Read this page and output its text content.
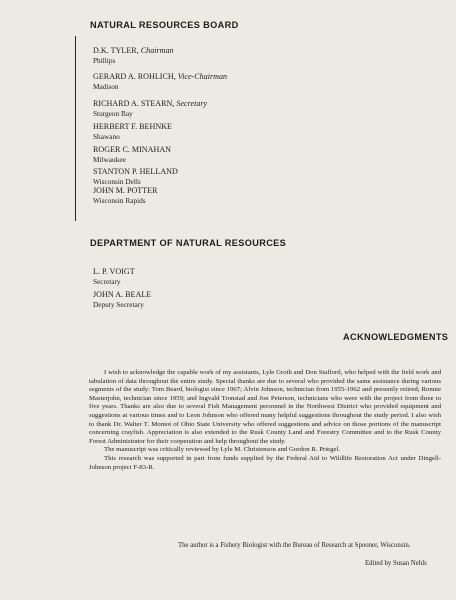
NATURAL RESOURCES BOARD
D.K. TYLER, Chairman
Phillips
GERARD A. ROHLICH, Vice-Chairman
Madison
RICHARD A. STEARN, Secretary
Sturgeon Bay
HERBERT F. BEHNKE
Shawano
ROGER C. MINAHAN
Milwaukee
STANTON P. HELLAND
Wisconsin Dells
JOHN M. POTTER
Wisconsin Rapids
DEPARTMENT OF NATURAL RESOURCES
L. P. VOIGT
Secretary
JOHN A. BEALE
Deputy Secretary
ACKNOWLEDGMENTS

I wish to acknowledge the capable work of my assistants, Lyle Groth and Don Stafford, who helped with the field work and tabulation of data throughout the entire study. Special thanks are due to several who provided the same assistance during various segments of the study: Tom Beard, biologist since 1967; Alvin Johnson, technician from 1955-1962 and presently retired; Ronnie Masterjohn, technician since 1959; and Ingvald Tronstad and Jon Peterson, technicians who were with the project from three to five years. Thanks are also due to several Fish Management personnel in the Northwest District who provided equipment and suggestions at various times and to Leon Johnson who offered many helpful suggestions throughout the study period. I also wish to thank Dr. Walter T. Momot of Ohio State University who offered suggestions and advice on those portions of the manuscript concerning crayfish. Appreciation is also extended to the Rusk County Land and Forestry Committee and to the Rusk County Forest Administrator for their cooperation and help throughout the study.

The manuscript was critically reviewed by Lyle M. Christenson and Gordon R. Priegel.

This research was supported in part from funds supplied by the Federal Aid to Wildlife Restoration Act under Dingell-Johnson project F-83-R.

The author is a Fishery Biologist with the Bureau of Research at Spooner, Wisconsin.
Edited by Susan Nehls
